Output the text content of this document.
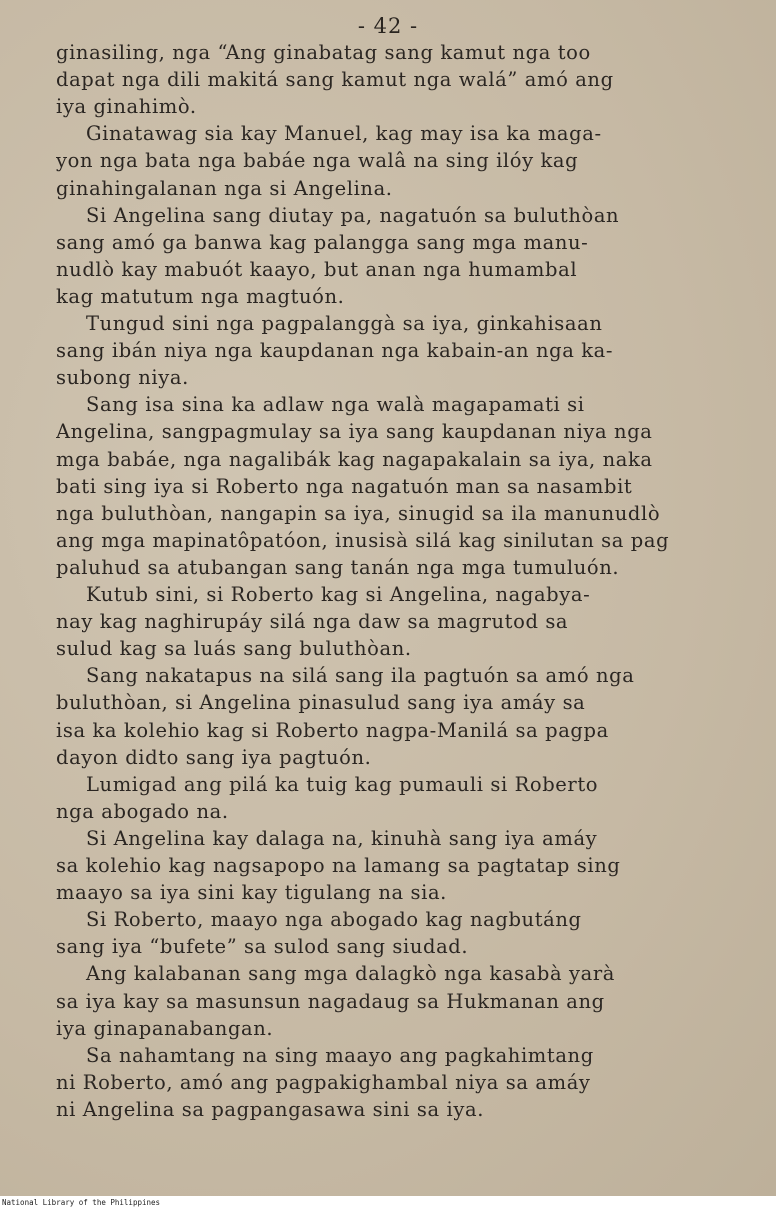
- 42 -
ginasiling, nga “Ang ginabatag sang kamut nga too
dapat nga dili makitá sang kamut nga walá” amó ang
iya ginahimò.
Ginatawag sia kay Manuel, kag may isa ka maga-
yon nga bata nga babáe nga walâ na sing ilóy kag
ginahingalanan nga si Angelina.
Si Angelina sang diutay pa, nagatuón sa buluthòan
sang amó ga banwa kag palangga sang mga manu-
nudlò kay mabuót kaayo, but anan nga humambal
kag matutum nga magtuón.
Tungud sini nga pagpalanggà sa iya, ginkahisaan
sang ibán niya nga kaupdanan nga kabain-an nga ka-
subong niya.
Sang isa sina ka adlaw nga walà magapamati si
Angelina, sangpagmulay sa iya sang kaupdanan niya nga
mga babáe, nga nagalibák kag nagapakalain sa iya, naka
bati sing iya si Roberto nga nagatuón man sa nasambit
nga buluthòan, nangapin sa iya, sinugid sa ila manunudlò
ang mga mapinatôpatóon, inusisà silá kag sinilutan sa pag
paluhud sa atubangan sang tanán nga mga tumuluón.
Kutub sini, si Roberto kag si Angelina, nagabya-
nay kag naghirupáy silá nga daw sa magrutod sa
sulud kag sa luás sang buluthòan.
Sang nakatapus na silá sang ila pagtuón sa amó nga
buluthòan, si Angelina pinasulud sang iya amáy sa
isa ka kolehio kag si Roberto nagpa-Manilá sa pagpa
dayon didto sang iya pagtuón.
Lumigad ang pilá ka tuig kag pumauli si Roberto
nga abogado na.
Si Angelina kay dalaga na, kinuhà sang iya amáy
sa kolehio kag nagsapopo na lamang sa pagtatap sing
maayo sa iya sini kay tigulang na sia.
Si Roberto, maayo nga abogado kag nagbutáng
sang iya “bufete” sa sulod sang siudad.
Ang kalabanan sang mga dalagkò nga kasabà yarà
sa iya kay sa masunsun nagadaug sa Hukmanan ang
iya ginapanabangan.
Sa nahamtang na sing maayo ang pagkahimtang
ni Roberto, amó ang pagpakighambal niya sa amáy
ni Angelina sa pagpangasawa sini sa iya.
National Library of the Philippines
